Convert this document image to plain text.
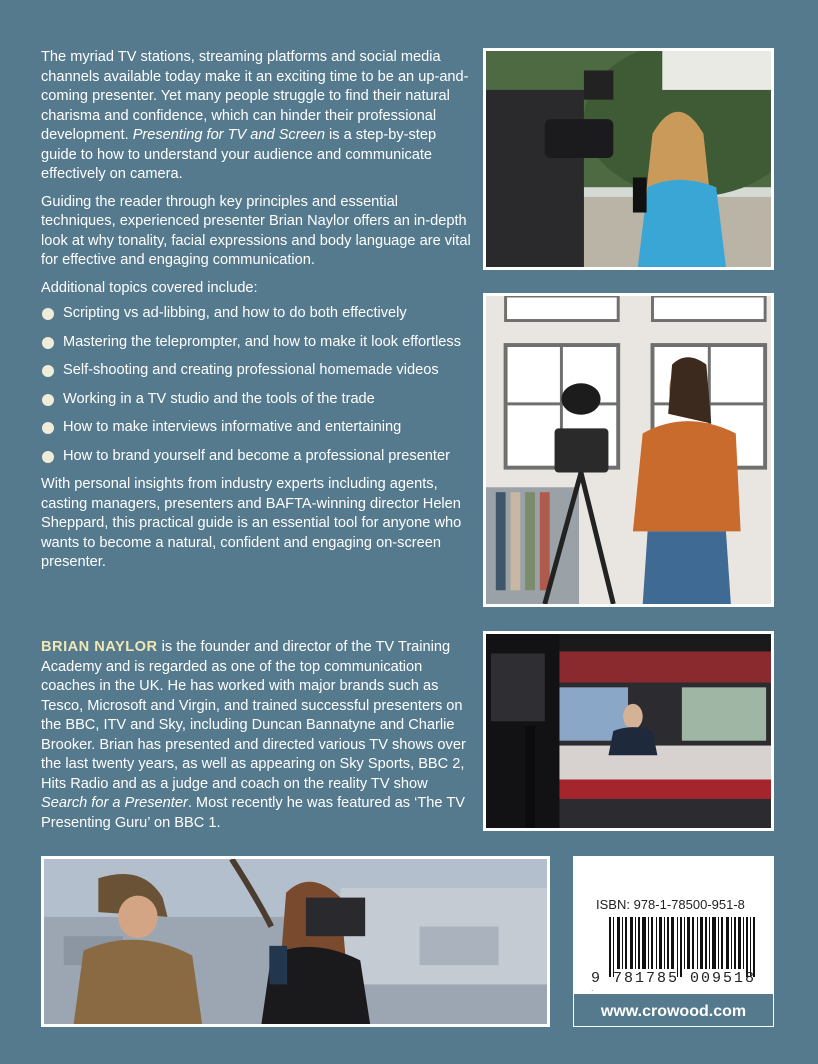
The myriad TV stations, streaming platforms and social media channels available today make it an exciting time to be an up-and-coming presenter. Yet many people struggle to find their natural charisma and confidence, which can hinder their professional development. Presenting for TV and Screen is a step-by-step guide to how to understand your audience and communicate effectively on camera.

Guiding the reader through key principles and essential techniques, experienced presenter Brian Naylor offers an in-depth look at why tonality, facial expressions and body language are vital for effective and engaging communication.

Additional topics covered include:

Scripting vs ad-libbing, and how to do both effectively
Mastering the teleprompter, and how to make it look effortless
Self-shooting and creating professional homemade videos
Working in a TV studio and the tools of the trade
How to make interviews informative and entertaining
How to brand yourself and become a professional presenter

With personal insights from industry experts including agents, casting managers, presenters and BAFTA-winning director Helen Sheppard, this practical guide is an essential tool for anyone who wants to become a natural, confident and engaging on-screen presenter.

BRIAN NAYLOR is the founder and director of the TV Training Academy and is regarded as one of the top communication coaches in the UK. He has worked with major brands such as Tesco, Microsoft and Virgin, and trained successful presenters on the BBC, ITV and Sky, including Duncan Bannatyne and Charlie Brooker. Brian has presented and directed various TV shows over the last twenty years, as well as appearing on Sky Sports, BBC 2, Hits Radio and as a judge and coach on the reality TV show Search for a Presenter. Most recently he was featured as ‘The TV Presenting Guru’ on BBC 1.
ISBN: 978-1-78500-951-8
9 781785 009518
www.crowood.com
